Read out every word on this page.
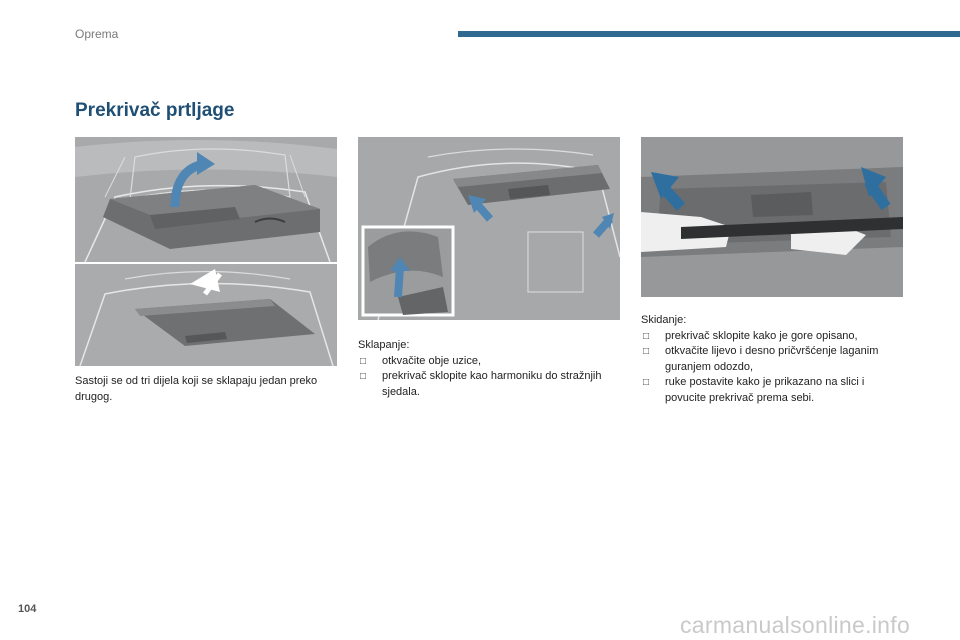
Oprema
Prekrivač prtljage

Sastoji se od tri dijela koji se sklapaju jedan preko drugog.

Sklapanje:

□	otkvačite obje uzice,
□	prekrivač sklopite kao harmoniku do stražnjih sjedala.

Skidanje:

□	prekrivač sklopite kako je gore opisano,
□	otkvačite lijevo i desno pričvršćenje laganim guranjem odozdo,
□	ruke postavite kako je prikazano na slici i povucite prekrivač prema sebi.
104
carmanualsonline.info
